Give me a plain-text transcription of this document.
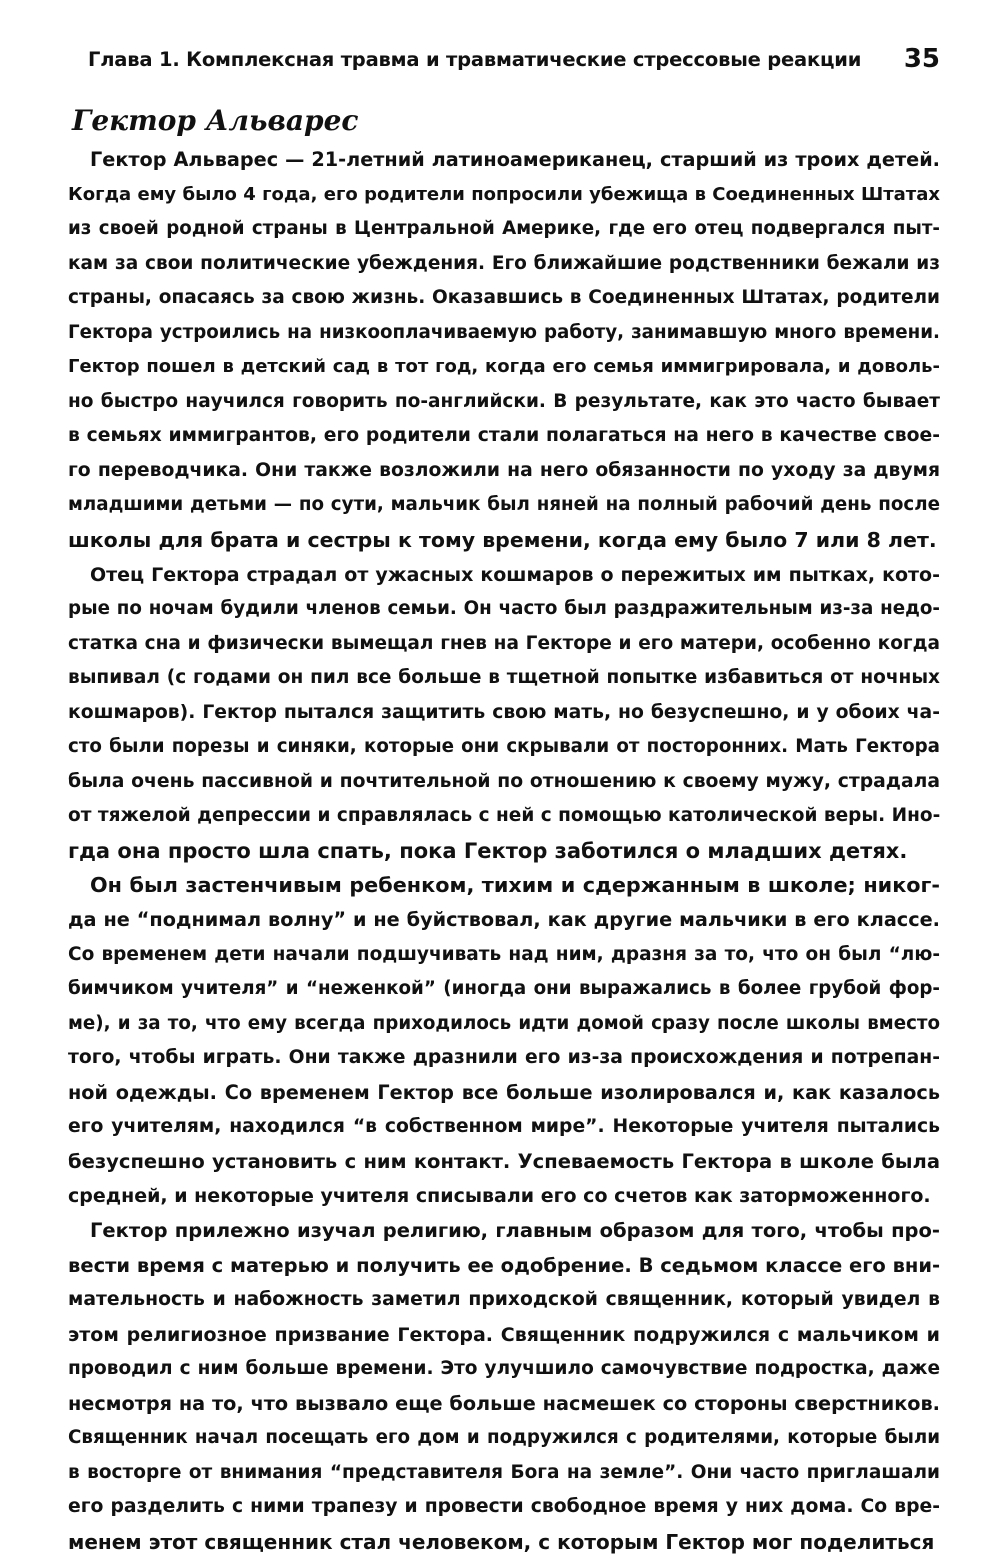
Глава 1. Комплексная травма и травматические стрессовые реакции 35
Гектор Альварес
Гектор Альварес — 21-летний латиноамериканец, старший из троих детей.
Когда ему было 4 года, его родители попросили убежища в Соединенных Штатах
из своей родной страны в Центральной Америке, где его отец подвергался пыт-
кам за свои политические убеждения. Его ближайшие родственники бежали из
страны, опасаясь за свою жизнь. Оказавшись в Соединенных Штатах, родители
Гектора устроились на низкооплачиваемую работу, занимавшую много времени.
Гектор пошел в детский сад в тот год, когда его семья иммигрировала, и доволь-
но быстро научился говорить по-английски. В результате, как это часто бывает
в семьях иммигрантов, его родители стали полагаться на него в качестве свое-
го переводчика. Они также возложили на него обязанности по уходу за двумя
младшими детьми — по сути, мальчик был няней на полный рабочий день после
школы для брата и сестры к тому времени, когда ему было 7 или 8 лет.
Отец Гектора страдал от ужасных кошмаров о пережитых им пытках, кото-
рые по ночам будили членов семьи. Он часто был раздражительным из-за недо-
статка сна и физически вымещал гнев на Гекторе и его матери, особенно когда
выпивал (с годами он пил все больше в тщетной попытке избавиться от ночных
кошмаров). Гектор пытался защитить свою мать, но безуспешно, и у обоих ча-
сто были порезы и синяки, которые они скрывали от посторонних. Мать Гектора
была очень пассивной и почтительной по отношению к своему мужу, страдала
от тяжелой депрессии и справлялась с ней с помощью католической веры. Ино-
гда она просто шла спать, пока Гектор заботился о младших детях.
Он был застенчивым ребенком, тихим и сдержанным в школе; никог-
да не “поднимал волну” и не буйствовал, как другие мальчики в его классе.
Со временем дети начали подшучивать над ним, дразня за то, что он был “лю-
бимчиком учителя” и “неженкой” (иногда они выражались в более грубой фор-
ме), и за то, что ему всегда приходилось идти домой сразу после школы вместо
того, чтобы играть. Они также дразнили его из-за происхождения и потрепан-
ной одежды. Со временем Гектор все больше изолировался и, как казалось
его учителям, находился “в собственном мире”. Некоторые учителя пытались
безуспешно установить с ним контакт. Успеваемость Гектора в школе была
средней, и некоторые учителя списывали его со счетов как заторможенного.
Гектор прилежно изучал религию, главным образом для того, чтобы про-
вести время с матерью и получить ее одобрение. В седьмом классе его вни-
мательность и набожность заметил приходской священник, который увидел в
этом религиозное призвание Гектора. Священник подружился с мальчиком и
проводил с ним больше времени. Это улучшило самочувствие подростка, даже
несмотря на то, что вызвало еще больше насмешек со стороны сверстников.
Священник начал посещать его дом и подружился с родителями, которые были
в восторге от внимания “представителя Бога на земле”. Они часто приглашали
его разделить с ними трапезу и провести свободное время у них дома. Со вре-
менем этот священник стал человеком, с которым Гектор мог поделиться
